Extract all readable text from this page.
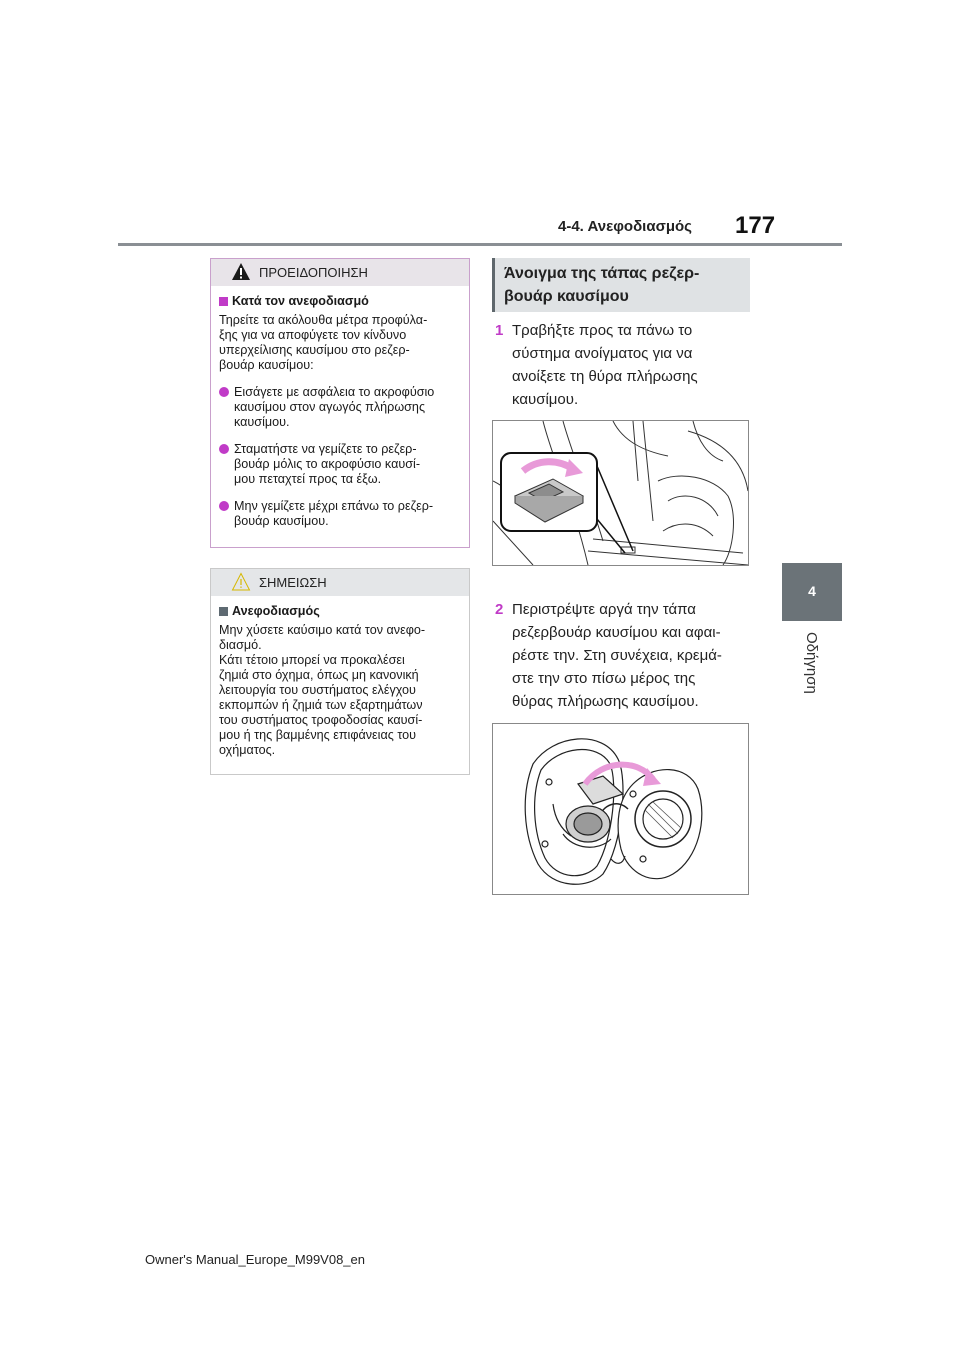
4-4. Ανεφοδιασμός 177
4
Οδήγηση
ΠΡΟΕΙΔΟΠΟΙΗΣΗ
Κατά τον ανεφοδιασμό
Τηρείτε τα ακόλουθα μέτρα προφύλα-
ξης για να αποφύγετε τον κίνδυνο
υπερχείλισης καυσίμου στο ρεζερ-
βουάρ καυσίμου:
Εισάγετε με ασφάλεια το ακροφύσιο
καυσίμου στον αγωγός πλήρωσης
καυσίμου.
Σταματήστε να γεμίζετε το ρεζερ-
βουάρ μόλις το ακροφύσιο καυσί-
μου πεταχτεί προς τα έξω.
Μην γεμίζετε μέχρι επάνω το ρεζερ-
βουάρ καυσίμου.
ΣΗΜΕΙΩΣΗ
Ανεφοδιασμός
Μην χύσετε καύσιμο κατά τον ανεφο-
διασμό.
Κάτι τέτοιο μπορεί να προκαλέσει
ζημιά στο όχημα, όπως μη κανονική
λειτουργία του συστήματος ελέγχου
εκπομπών ή ζημιά των εξαρτημάτων
του συστήματος τροφοδοσίας καυσί-
μου ή της βαμμένης επιφάνειας του
οχήματος.
Άνοιγμα της τάπας ρεζερ-
βουάρ καυσίμου
1 Τραβήξτε προς τα πάνω το
σύστημα ανοίγματος για να
ανοίξετε τη θύρα πλήρωσης
καυσίμου.
2 Περιστρέψτε αργά την τάπα
ρεζερβουάρ καυσίμου και αφαι-
ρέστε την. Στη συνέχεια, κρεμά-
στε την στο πίσω μέρος της
θύρας πλήρωσης καυσίμου.
Owner's Manual_Europe_M99V08_en
